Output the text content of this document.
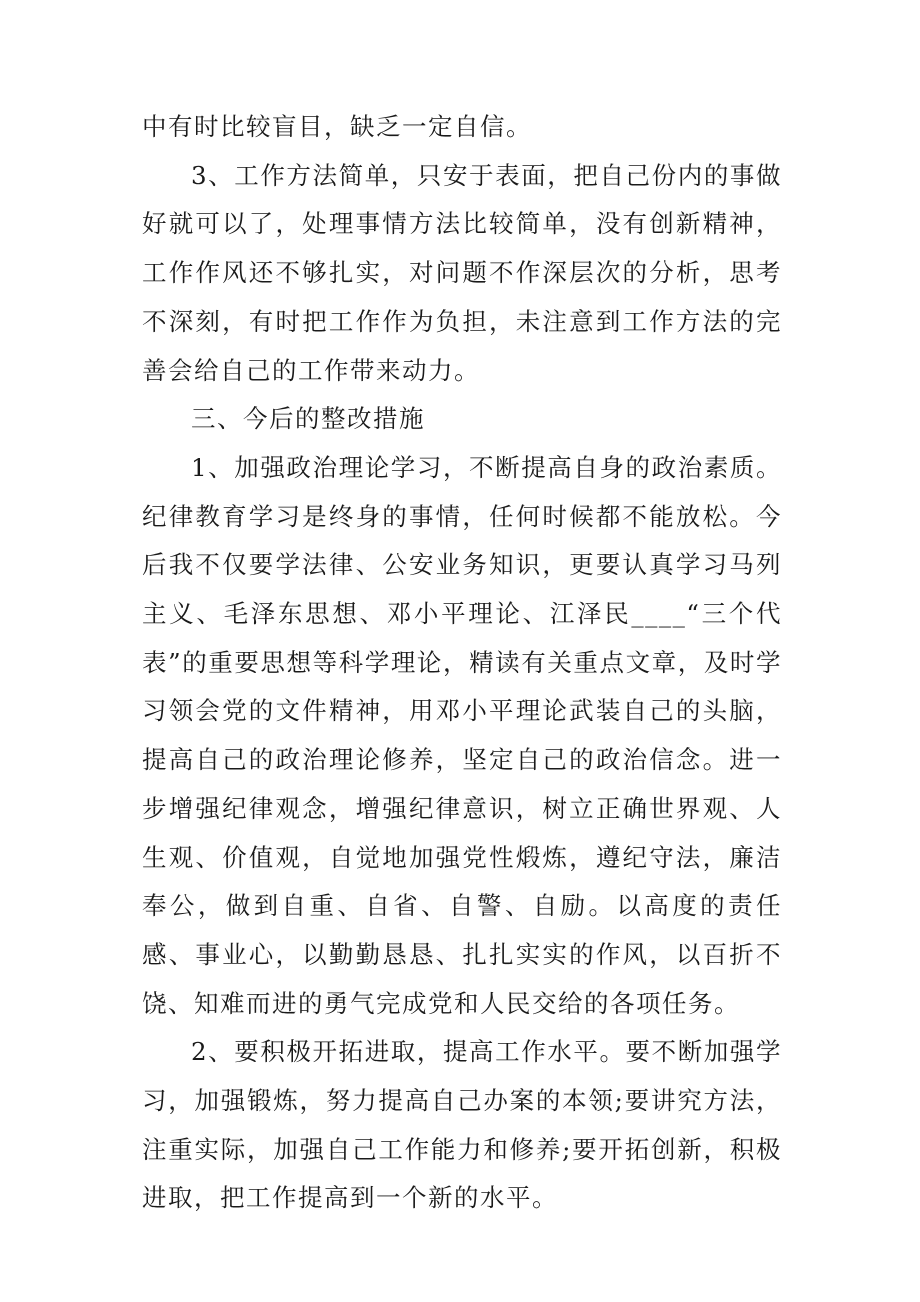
中有时比较盲目，缺乏一定自信。

3、工作方法简单，只安于表面，把自己份内的事做好就可以了，处理事情方法比较简单，没有创新精神，工作作风还不够扎实，对问题不作深层次的分析，思考不深刻，有时把工作作为负担，未注意到工作方法的完善会给自己的工作带来动力。

三、今后的整改措施

1、加强政治理论学习，不断提高自身的政治素质。纪律教育学习是终身的事情，任何时候都不能放松。今后我不仅要学法律、公安业务知识，更要认真学习马列主义、毛泽东思想、邓小平理论、江泽民____“三个代表”的重要思想等科学理论，精读有关重点文章，及时学习领会党的文件精神，用邓小平理论武装自己的头脑，提高自己的政治理论修养，坚定自己的政治信念。进一步增强纪律观念，增强纪律意识，树立正确世界观、人生观、价值观，自觉地加强党性煅炼，遵纪守法，廉洁奉公，做到自重、自省、自警、自励。以高度的责任感、事业心，以勤勤恳恳、扎扎实实的作风，以百折不饶、知难而进的勇气完成党和人民交给的各项任务。

2、要积极开拓进取，提高工作水平。要不断加强学习，加强锻炼，努力提高自己办案的本领;要讲究方法，注重实际，加强自己工作能力和修养;要开拓创新，积极进取，把工作提高到一个新的水平。
